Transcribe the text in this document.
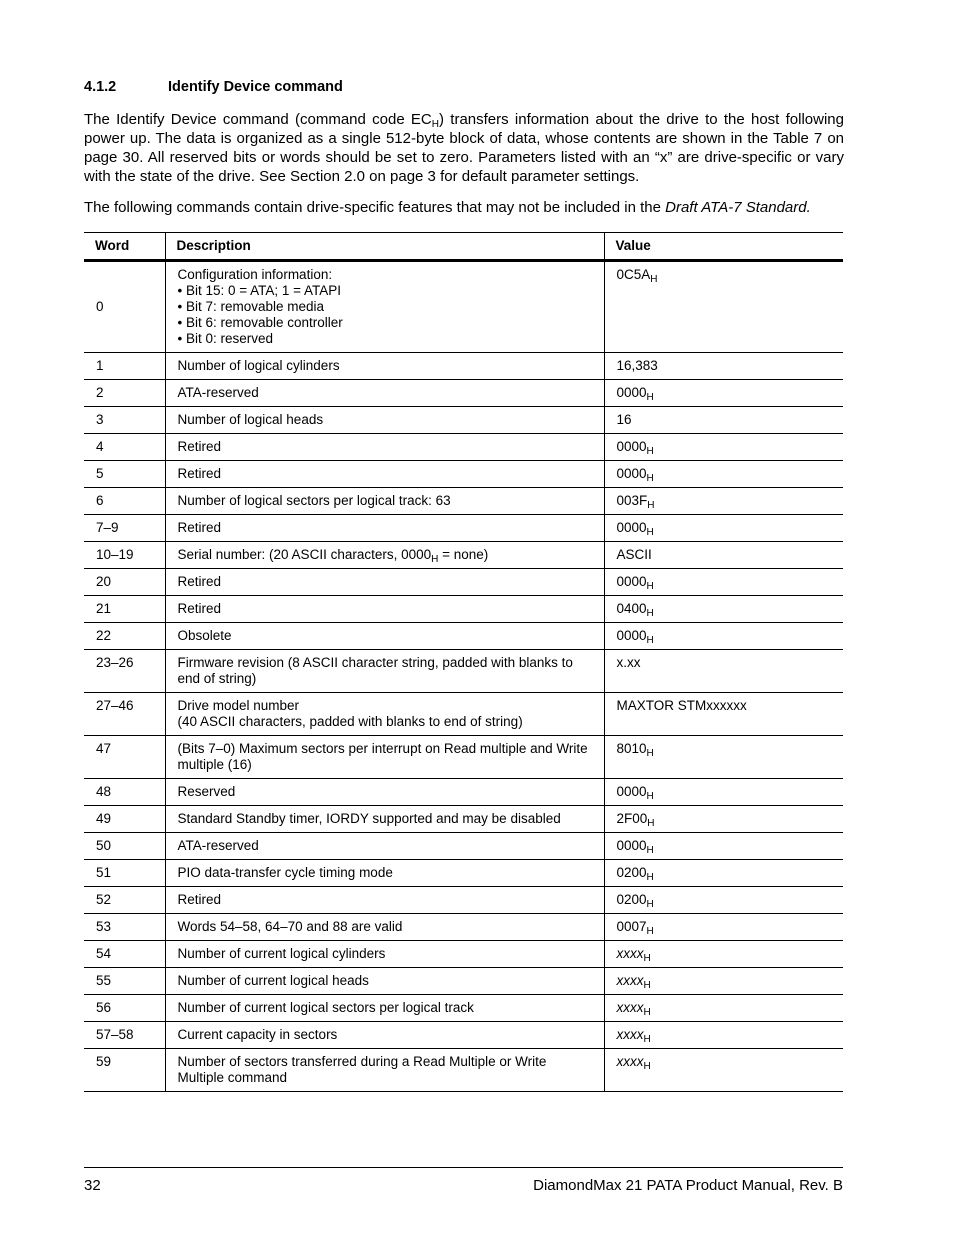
4.1.2	Identify Device command
The Identify Device command (command code $EC_H$) transfers information about the drive to the host following power up. The data is organized as a single 512-byte block of data, whose contents are shown in the Table 7 on page 30. All reserved bits or words should be set to zero. Parameters listed with an “x” are drive-specific or vary with the state of the drive. See Section 2.0 on page 3 for default parameter settings.
The following commands contain drive-specific features that may not be included in the Draft ATA-7 Standard.
Word	Description	Value
0	Configuration information:
• Bit 15: 0 = ATA; 1 = ATAPI
• Bit 7: removable media
• Bit 6: removable controller
• Bit 0: reserved	$0C5A_H$
1	Number of logical cylinders	16,383
2	ATA-reserved	$0000_H$
3	Number of logical heads	16
4	Retired	$0000_H$
5	Retired	$0000_H$
6	Number of logical sectors per logical track: 63	$003F_H$
7–9	Retired	$0000_H$
10–19	Serial number: (20 ASCII characters, $0000_H$ = none)	ASCII
20	Retired	$0000_H$
21	Retired	$0400_H$
22	Obsolete	$0000_H$
23–26	Firmware revision (8 ASCII character string, padded with blanks to end of string)	x.xx
27–46	Drive model number
(40 ASCII characters, padded with blanks to end of string)	MAXTOR STMxxxxxx
47	(Bits 7–0) Maximum sectors per interrupt on Read multiple and Write multiple (16)	$8010_H$
48	Reserved	$0000_H$
49	Standard Standby timer, IORDY supported and may be disabled	$2F00_H$
50	ATA-reserved	$0000_H$
51	PIO data-transfer cycle timing mode	$0200_H$
52	Retired	$0200_H$
53	Words 54–58, 64–70 and 88 are valid	$0007_H$
54	Number of current logical cylinders	xxxx$_H$
55	Number of current logical heads	xxxx$_H$
56	Number of current logical sectors per logical track	xxxx$_H$
57–58	Current capacity in sectors	xxxx$_H$
59	Number of sectors transferred during a Read Multiple or Write Multiple command	xxxx$_H$
32	DiamondMax 21 PATA Product Manual, Rev. B
